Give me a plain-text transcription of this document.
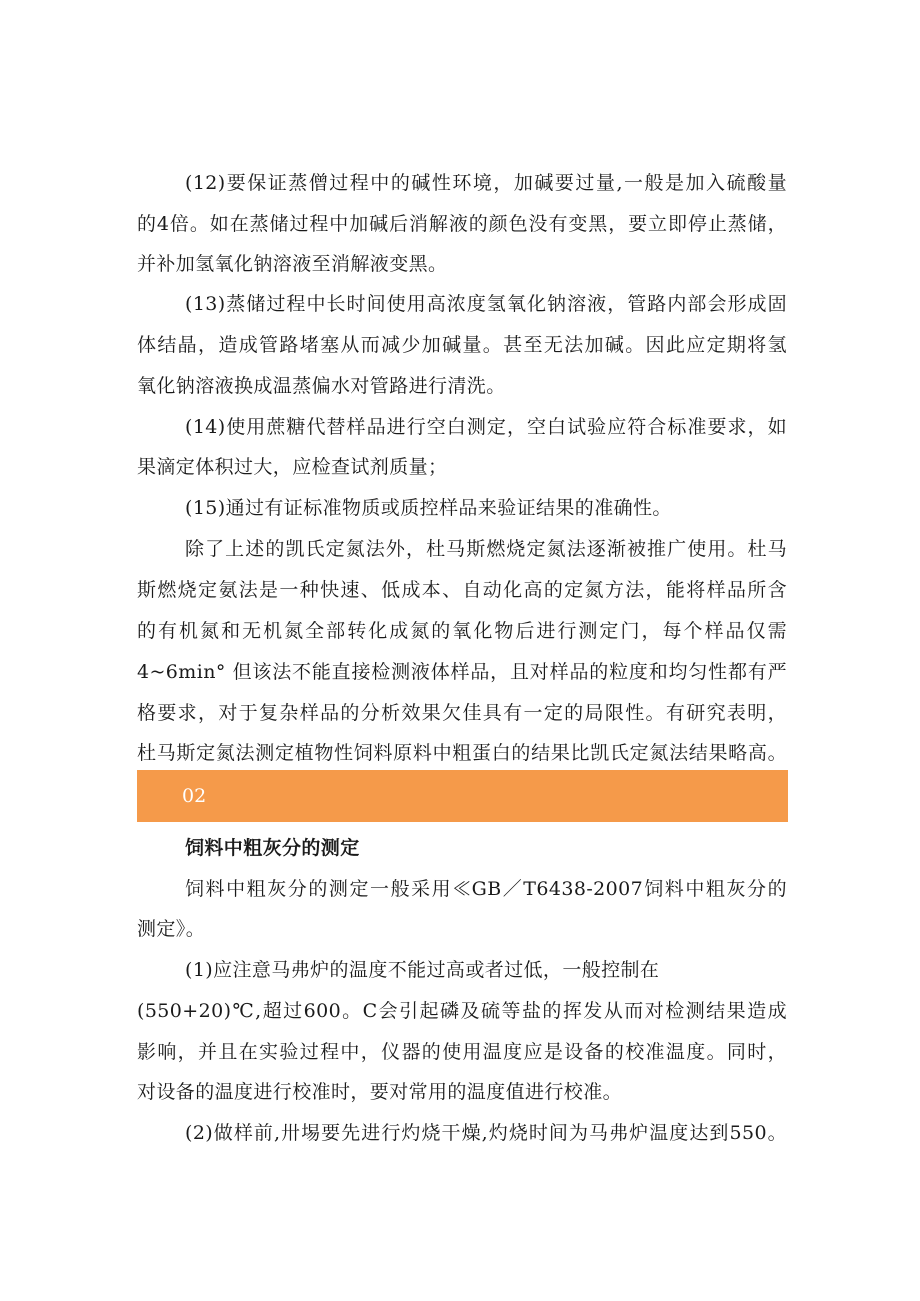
(12)要保证蒸僧过程中的碱性环境，加碱要过量,一般是加入硫酸量
的4倍。如在蒸储过程中加碱后消解液的颜色没有变黑，要立即停止蒸储，
并补加氢氧化钠溶液至消解液变黑。
(13)蒸储过程中长时间使用高浓度氢氧化钠溶液，管路内部会形成固
体结晶，造成管路堵塞从而减少加碱量。甚至无法加碱。因此应定期将氢
氧化钠溶液换成温蒸偏水对管路进行清洗。
(14)使用蔗糖代替样品进行空白测定，空白试验应符合标准要求，如
果滴定体积过大，应检查试剂质量；
(15)通过有证标准物质或质控样品来验证结果的准确性。
除了上述的凯氏定氮法外，杜马斯燃烧定氮法逐渐被推广使用。杜马
斯燃烧定氨法是一种快速、低成本、自动化高的定氮方法，能将样品所含
的有机氮和无机氮全部转化成氮的氧化物后进行测定门，每个样品仅需
4~6min° 但该法不能直接检测液体样品，且对样品的粒度和均匀性都有严
格要求，对于复杂样品的分析效果欠佳具有一定的局限性。有研究表明，
杜马斯定氮法测定植物性饲料原料中粗蛋白的结果比凯氏定氮法结果略高。
02
饲料中粗灰分的测定
饲料中粗灰分的测定一般采用≪GB／T6438-2007饲料中粗灰分的
测定》。
(1)应注意马弗炉的温度不能过高或者过低，一般控制在
(550+20)℃,超过600。C会引起磷及硫等盐的挥发从而对检测结果造成
影响，并且在实验过程中，仪器的使用温度应是设备的校准温度。同时，
对设备的温度进行校准时，要对常用的温度值进行校准。
(2)做样前,卅埸要先进行灼烧干燥,灼烧时间为马弗炉温度达到550。
